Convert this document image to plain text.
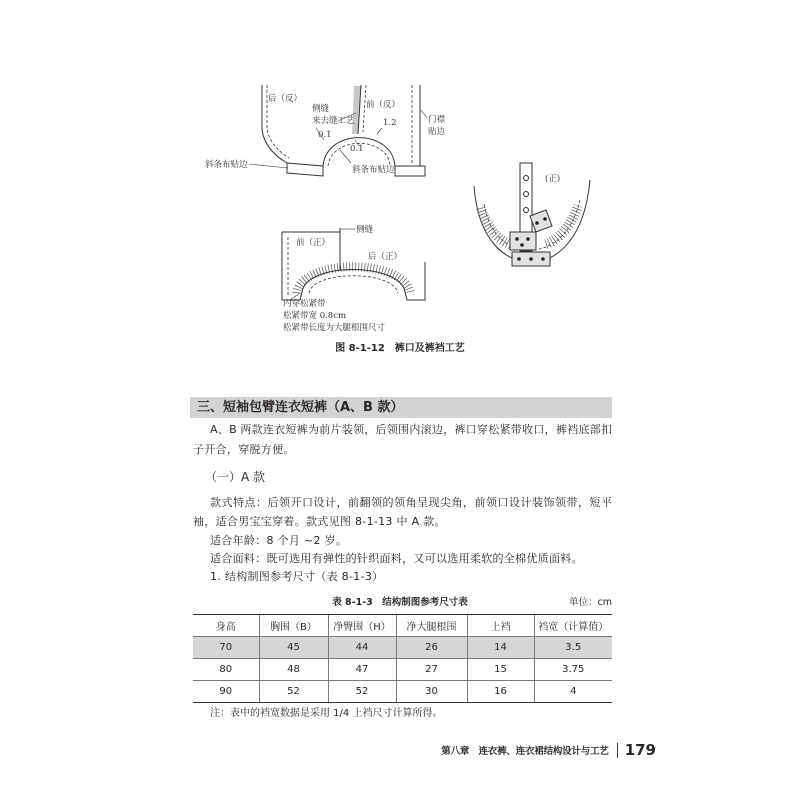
后（反）
侧缝
来去缝工艺
前（反）
门襟
贴边
0.1
1.2
0.1
斜条布贴边	斜条布贴边
侧缝
前（正）
后（正）
内穿松紧带
松紧带宽 0.8cm
松紧带长度为大腿根围尺寸
(正)
图 8-1-12　裤口及裤裆工艺
三、短袖包臂连衣短裤（A、B 款）
A、B 两款连衣短裤为前片装领，后领围内滚边，裤口穿松紧带收口，裤裆底部扣
子开合，穿脱方便。
（一）A 款
款式特点：后领开口设计，前翻领的领角呈现尖角，前领口设计装饰领带，短平
袖，适合男宝宝穿着。款式见图 8-1-13 中 A 款。
适合年龄：8 个月 ~2 岁。
适合面料：既可选用有弹性的针织面料，又可以选用柔软的全棉优质面料。
1. 结构制图参考尺寸（表 8-1-3）
表 8-1-3　结构制图参考尺寸表	单位：cm
身高	胸围（B）	净臀围（H）	净大腿根围	上裆	裆宽（计算值）
70	45	44	26	14	3.5
80	48	47	27	15	3.75
90	52	52	30	16	4
注：表中的裆宽数据是采用 1/4 上裆尺寸计算所得。
第八章　连衣裤、连衣裙结构设计与工艺 179
